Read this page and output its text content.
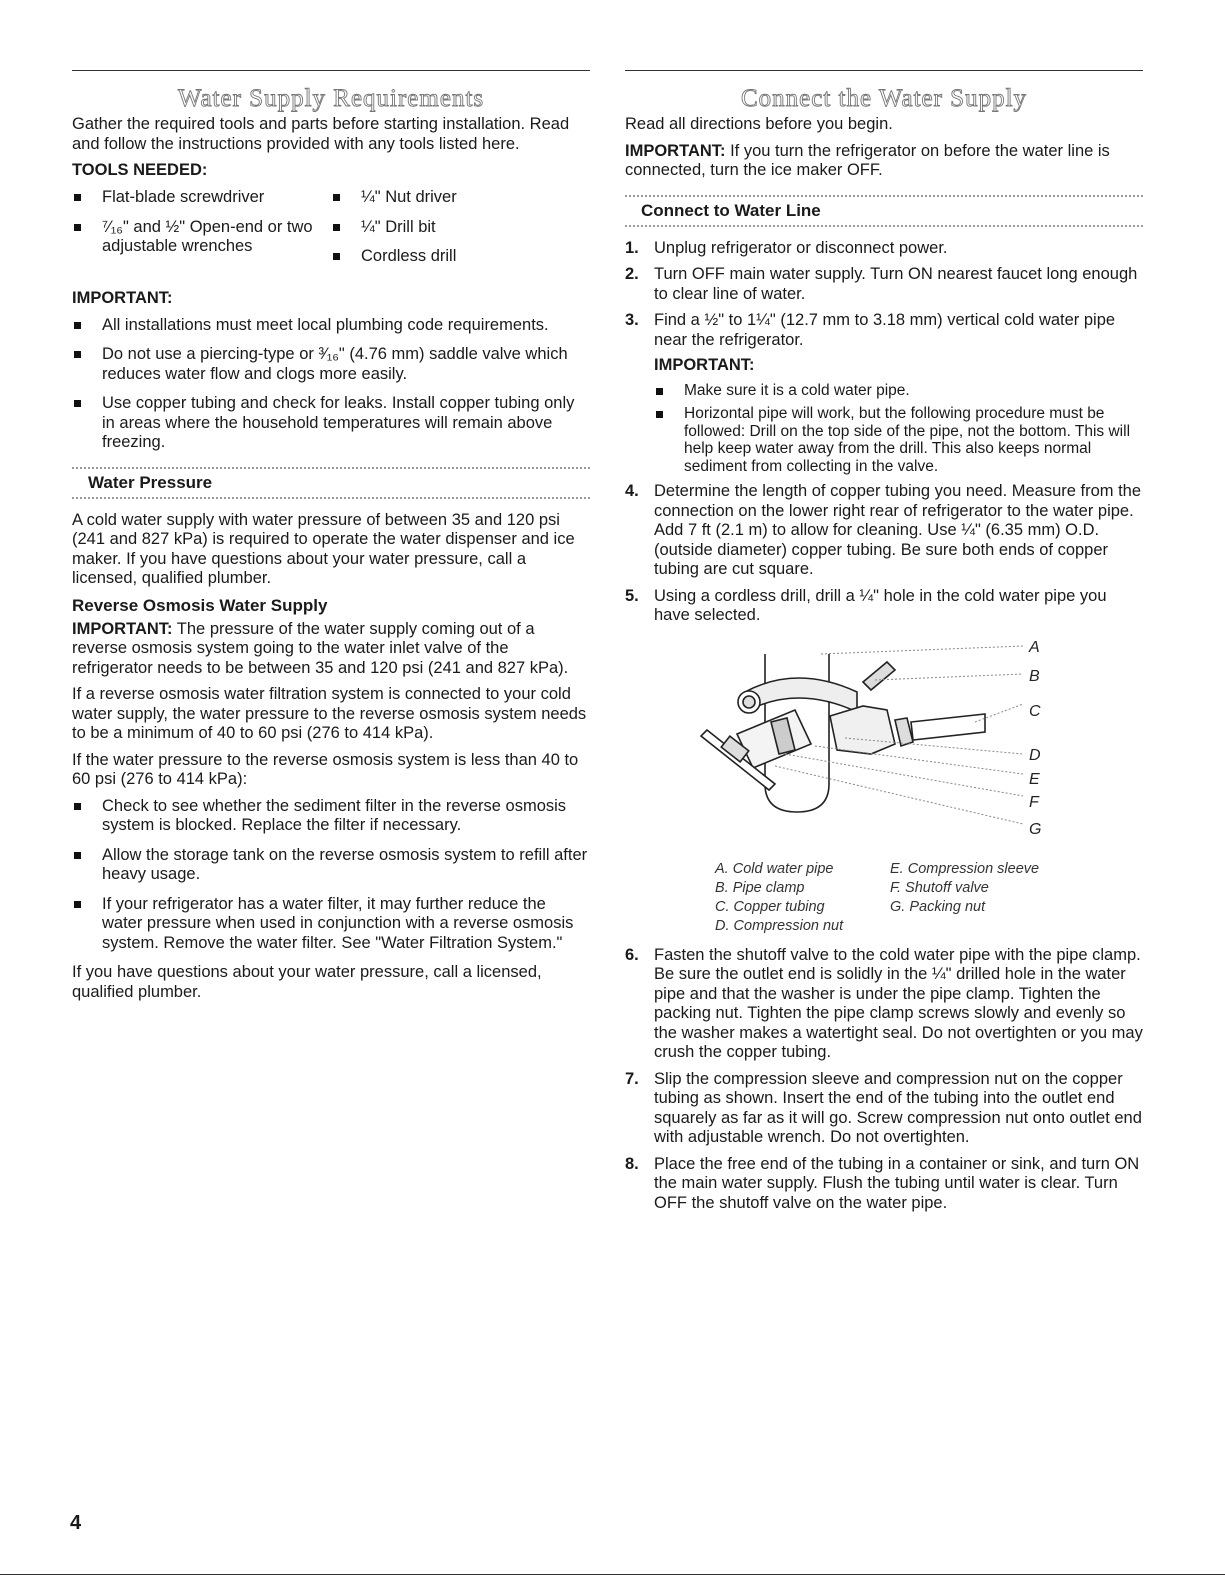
Water Supply Requirements

Gather the required tools and parts before starting installation. Read and follow the instructions provided with any tools listed here.

TOOLS NEEDED:
Flat-blade screwdriver
⁷⁄₁₆" and ½" Open-end or two adjustable wrenches
¼" Nut driver
¼" Drill bit
Cordless drill
IMPORTANT:
All installations must meet local plumbing code requirements.
Do not use a piercing-type or ³⁄₁₆" (4.76 mm) saddle valve which reduces water flow and clogs more easily.
Use copper tubing and check for leaks. Install copper tubing only in areas where the household temperatures will remain above freezing.
Water Pressure

A cold water supply with water pressure of between 35 and 120 psi (241 and 827 kPa) is required to operate the water dispenser and ice maker. If you have questions about your water pressure, call a licensed, qualified plumber.

Reverse Osmosis Water Supply

IMPORTANT: The pressure of the water supply coming out of a reverse osmosis system going to the water inlet valve of the refrigerator needs to be between 35 and 120 psi (241 and 827 kPa).

If a reverse osmosis water filtration system is connected to your cold water supply, the water pressure to the reverse osmosis system needs to be a minimum of 40 to 60 psi (276 to 414 kPa).

If the water pressure to the reverse osmosis system is less than 40 to 60 psi (276 to 414 kPa):

Check to see whether the sediment filter in the reverse osmosis system is blocked. Replace the filter if necessary.
Allow the storage tank on the reverse osmosis system to refill after heavy usage.
If your refrigerator has a water filter, it may further reduce the water pressure when used in conjunction with a reverse osmosis system. Remove the water filter. See "Water Filtration System."

If you have questions about your water pressure, call a licensed, qualified plumber.

Connect the Water Supply

Read all directions before you begin.

IMPORTANT: If you turn the refrigerator on before the water line is connected, turn the ice maker OFF.

Connect to Water Line
1. Unplug refrigerator or disconnect power.
2. Turn OFF main water supply. Turn ON nearest faucet long enough to clear line of water.
3. Find a ½" to 1¼" (12.7 mm to 3.18 mm) vertical cold water pipe near the refrigerator.
IMPORTANT:
Make sure it is a cold water pipe.
Horizontal pipe will work, but the following procedure must be followed: Drill on the top side of the pipe, not the bottom. This will help keep water away from the drill. This also keeps normal sediment from collecting in the valve.
4. Determine the length of copper tubing you need. Measure from the connection on the lower right rear of refrigerator to the water pipe. Add 7 ft (2.1 m) to allow for cleaning. Use ¼" (6.35 mm) O.D. (outside diameter) copper tubing. Be sure both ends of copper tubing are cut square.
5. Using a cordless drill, drill a ¼" hole in the cold water pipe you have selected.
A
B
C
D
E
F
G
A. Cold water pipe
B. Pipe clamp
C. Copper tubing
D. Compression nut
E. Compression sleeve
F. Shutoff valve
G. Packing nut
6. Fasten the shutoff valve to the cold water pipe with the pipe clamp. Be sure the outlet end is solidly in the ¼" drilled hole in the water pipe and that the washer is under the pipe clamp. Tighten the packing nut. Tighten the pipe clamp screws slowly and evenly so the washer makes a watertight seal. Do not overtighten or you may crush the copper tubing.
7. Slip the compression sleeve and compression nut on the copper tubing as shown. Insert the end of the tubing into the outlet end squarely as far as it will go. Screw compression nut onto outlet end with adjustable wrench. Do not overtighten.
8. Place the free end of the tubing in a container or sink, and turn ON the main water supply. Flush the tubing until water is clear. Turn OFF the shutoff valve on the water pipe.
4
